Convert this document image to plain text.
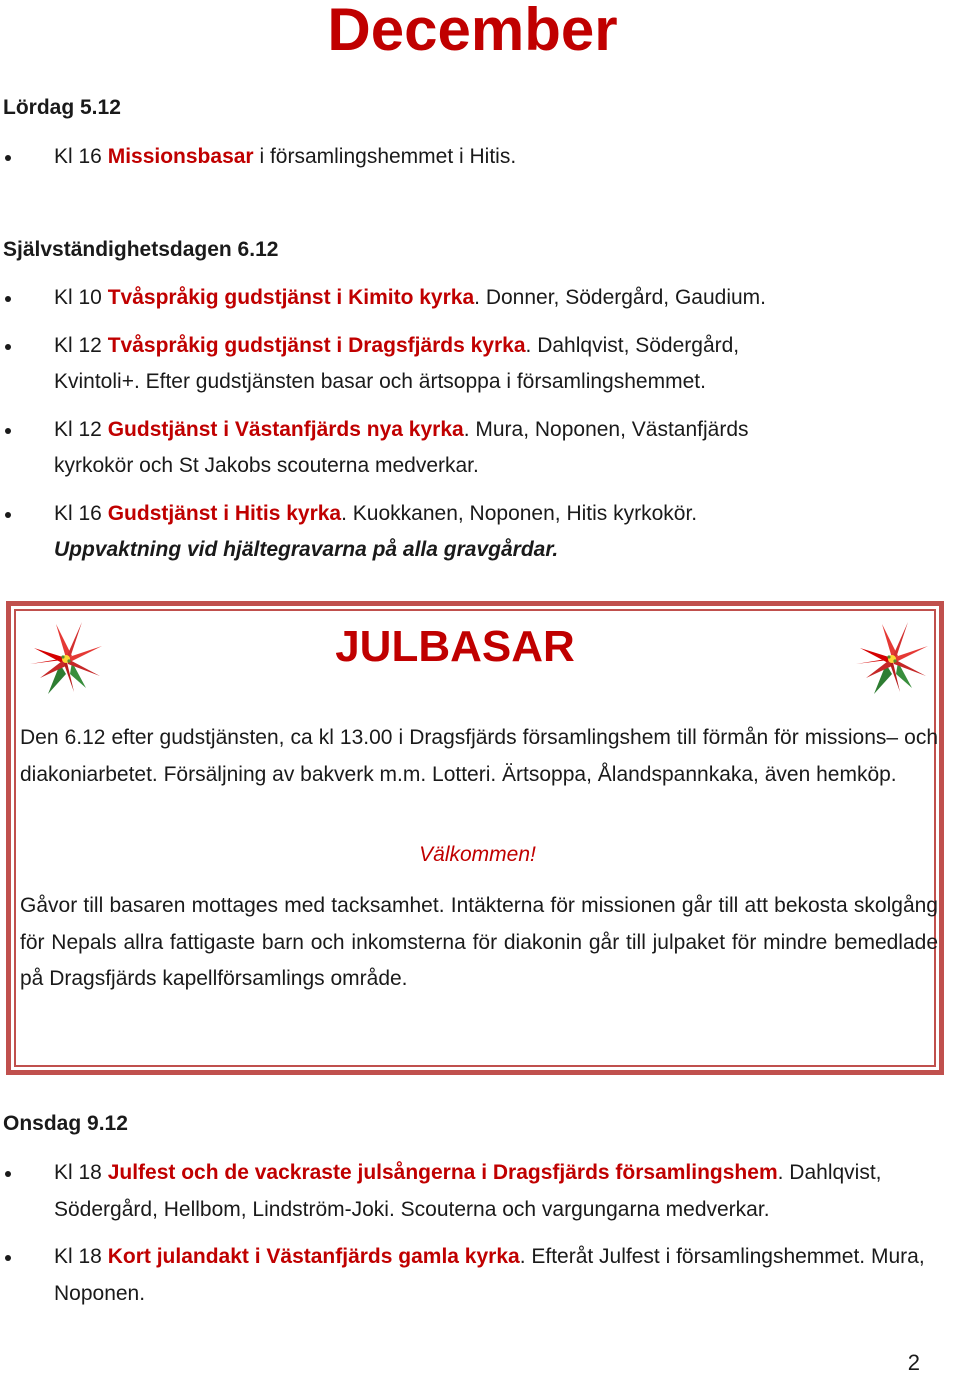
December

Lördag 5.12

Kl 16 Missionsbasar i församlingshemmet i Hitis.

Självständighetsdagen 6.12

Kl 10 Tvåspråkig gudstjänst i Kimito kyrka. Donner, Södergård, Gaudium.
Kl 12 Tvåspråkig gudstjänst i Dragsfjärds kyrka. Dahlqvist, Södergård, Kvintoli+. Efter gudstjänsten basar och ärtsoppa i församlingshemmet.
Kl 12 Gudstjänst i Västanfjärds nya kyrka. Mura, Noponen, Västanfjärds kyrkokör och St Jakobs scouterna medverkar.
Kl 16 Gudstjänst i Hitis kyrka. Kuokkanen, Noponen, Hitis kyrkokör.
Uppvaktning vid hjältegravarna på alla gravgårdar.
JULBASAR

Den 6.12 efter gudstjänsten, ca kl 13.00 i Dragsfjärds församlingshem till förmån för missions– och diakoniarbetet. Försäljning av bakverk m.m. Lotteri. Ärtsoppa, Ålandspannkaka, även hemköp.

Välkommen!

Gåvor till basaren mottages med tacksamhet. Intäkterna för missionen går till att bekosta skolgång för Nepals allra fattigaste barn och inkomsterna för diakonin går till julpaket för mindre bemedlade på Dragsfjärds kapellförsamlings område.

Onsdag 9.12

Kl 18 Julfest och de vackraste julsångerna i Dragsfjärds församlingshem. Dahlqvist, Södergård, Hellbom, Lindström-Joki. Scouterna och vargungarna medverkar.
Kl 18 Kort julandakt i Västanfjärds gamla kyrka. Efteråt Julfest i församlingshemmet. Mura, Noponen.

2
